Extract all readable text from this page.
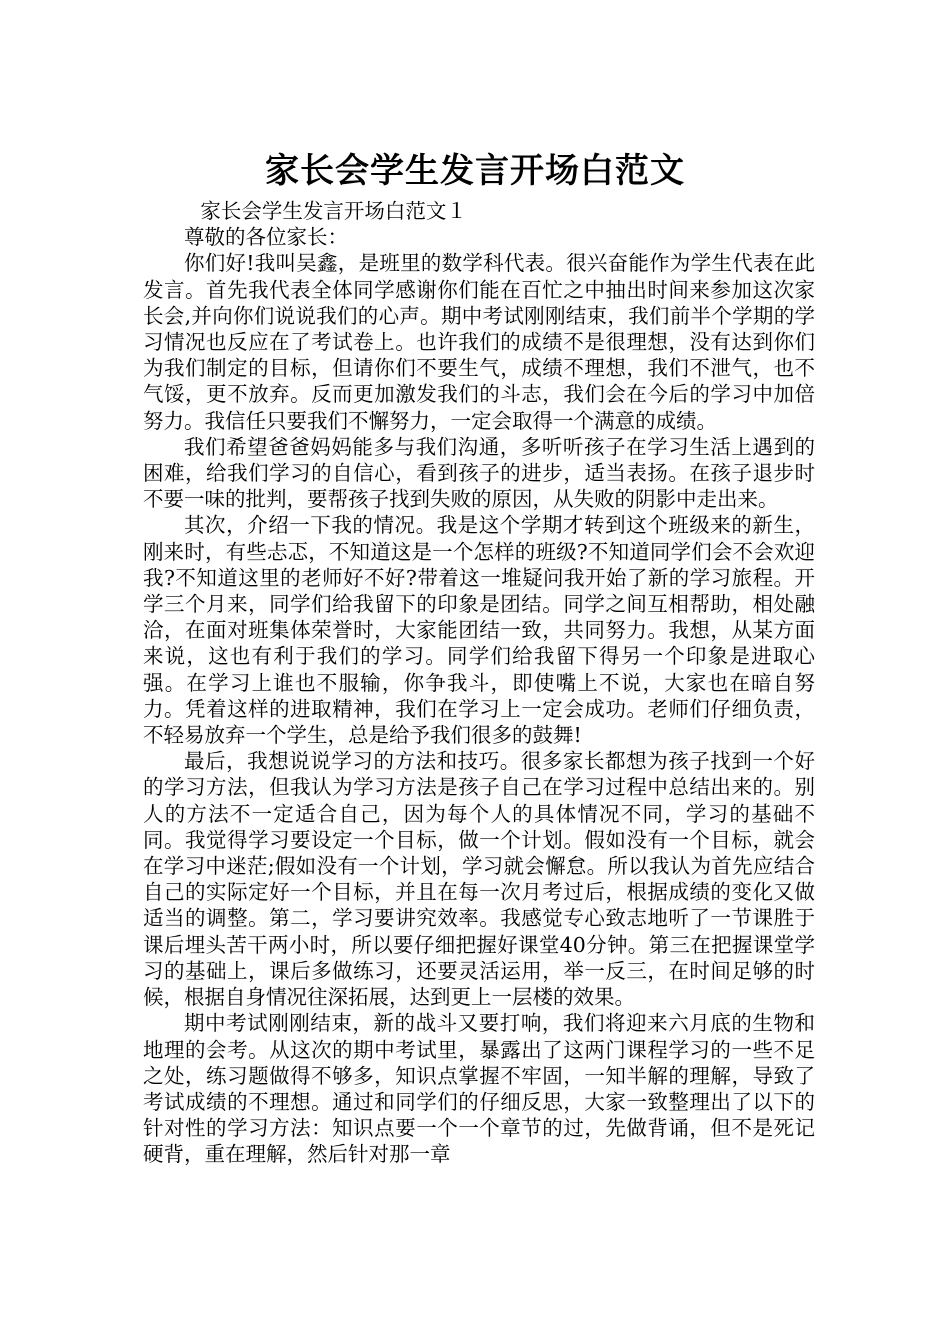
家长会学生发言开场白范文

家长会学生发言开场白范文１

尊敬的各位家长：

你们好!我叫吴鑫，是班里的数学科代表。很兴奋能作为学生代表在此发言。首先我代表全体同学感谢你们能在百忙之中抽出时间来参加这次家长会,并向你们说说我们的心声。期中考试刚刚结束，我们前半个学期的学习情况也反应在了考试卷上。也许我们的成绩不是很理想，没有达到你们为我们制定的目标，但请你们不要生气，成绩不理想，我们不泄气，也不气馁，更不放弃。反而更加激发我们的斗志，我们会在今后的学习中加倍努力。我信任只要我们不懈努力，一定会取得一个满意的成绩。

我们希望爸爸妈妈能多与我们沟通，多听听孩子在学习生活上遇到的困难，给我们学习的自信心，看到孩子的进步，适当表扬。在孩子退步时不要一味的批判，要帮孩子找到失败的原因，从失败的阴影中走出来。

其次，介绍一下我的情况。我是这个学期才转到这个班级来的新生，刚来时，有些忐忑，不知道这是一个怎样的班级?不知道同学们会不会欢迎我?不知道这里的老师好不好?带着这一堆疑问我开始了新的学习旅程。开学三个月来，同学们给我留下的印象是团结。同学之间互相帮助，相处融洽，在面对班集体荣誉时，大家能团结一致，共同努力。我想，从某方面来说，这也有利于我们的学习。同学们给我留下得另一个印象是进取心强。在学习上谁也不服输，你争我斗，即使嘴上不说，大家也在暗自努力。凭着这样的进取精神，我们在学习上一定会成功。老师们仔细负责，不轻易放弃一个学生，总是给予我们很多的鼓舞!

最后，我想说说学习的方法和技巧。很多家长都想为孩子找到一个好的学习方法，但我认为学习方法是孩子自己在学习过程中总结出来的。别人的方法不一定适合自己，因为每个人的具体情况不同，学习的基础不同。我觉得学习要设定一个目标，做一个计划。假如没有一个目标，就会在学习中迷茫;假如没有一个计划，学习就会懈怠。所以我认为首先应结合自己的实际定好一个目标，并且在每一次月考过后，根据成绩的变化又做适当的调整。第二，学习要讲究效率。我感觉专心致志地听了一节课胜于课后埋头苦干两小时，所以要仔细把握好课堂40分钟。第三在把握课堂学习的基础上，课后多做练习，还要灵活运用，举一反三，在时间足够的时候，根据自身情况往深拓展，达到更上一层楼的效果。

期中考试刚刚结束，新的战斗又要打响，我们将迎来六月底的生物和地理的会考。从这次的期中考试里，暴露出了这两门课程学习的一些不足之处，练习题做得不够多，知识点掌握不牢固，一知半解的理解，导致了考试成绩的不理想。通过和同学们的仔细反思，大家一致整理出了以下的针对性的学习方法：知识点要一个一个章节的过，先做背诵，但不是死记硬背，重在理解，然后针对那一章
